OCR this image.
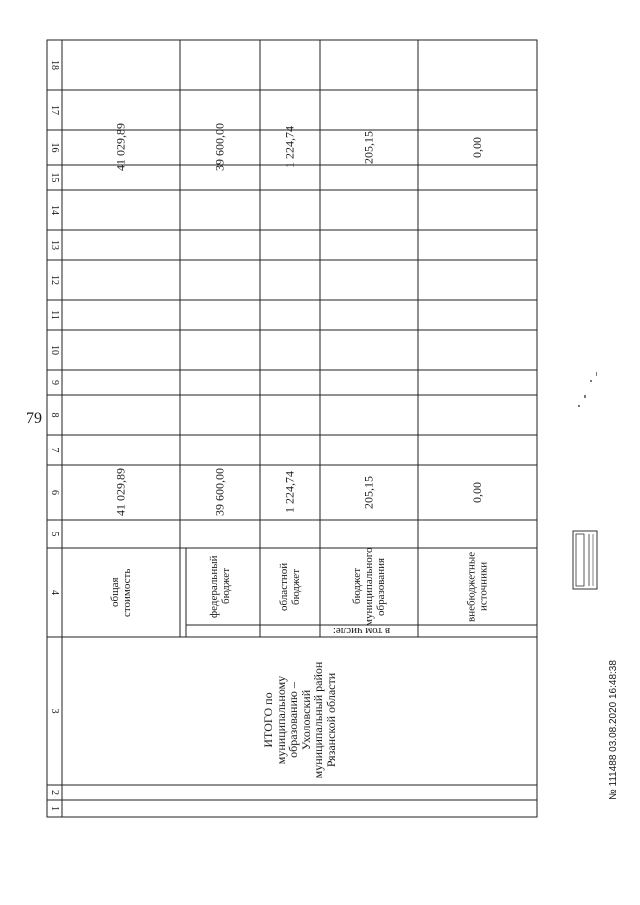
79
1
2
3
4
5
6
7
8
9
10
11
12
13
14
15
16
17
18
ИТОГО по
муниципальному
образованию –
Ухоловский
муниципальный район
Рязанской области
в том числе:
общая
стоимость
41 029,89
41 029,89
федеральный
бюджет
39 600,00
39 600,00
областной
бюджет
1 224,74
1 224,74
бюджет
муниципального
образования
205,15
205,15
внебюджетные
источники
0,00
0,00
№ 111488 03.08.2020 16:48:38
